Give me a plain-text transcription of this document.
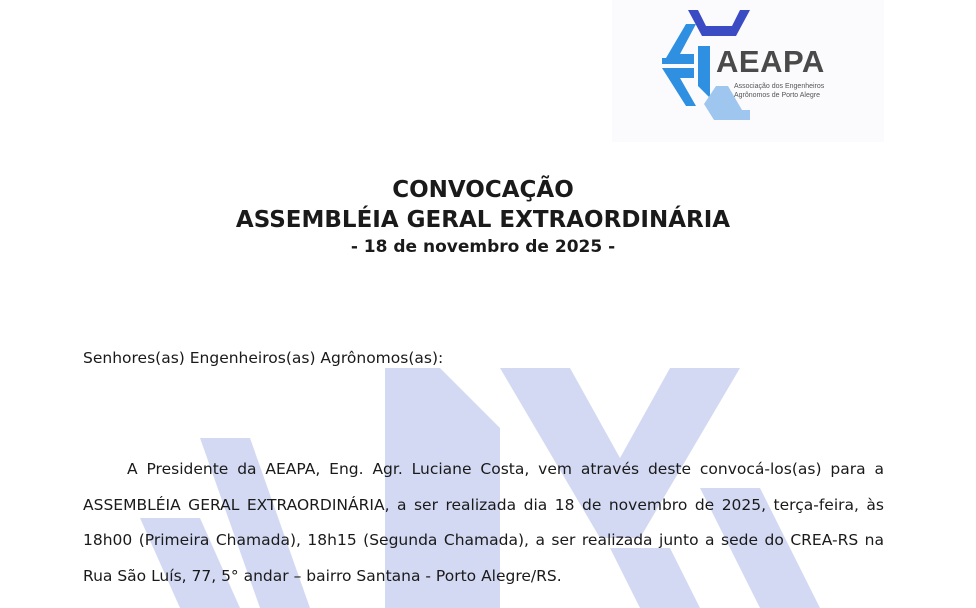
AEAPA
Associação dos Engenheiros
Agrônomos de Porto Alegre
CONVOCAÇÃO
ASSEMBLÉIA GERAL EXTRAORDINÁRIA
- 18 de novembro de 2025 -
Senhores(as) Engenheiros(as) Agrônomos(as):
A Presidente da AEAPA, Eng. Agr. Luciane Costa, vem através deste convocá-los(as) para a
ASSEMBLÉIA GERAL EXTRAORDINÁRIA, a ser realizada dia 18 de novembro de 2025, terça-feira, às
18h00 (Primeira Chamada), 18h15 (Segunda Chamada), a ser realizada junto a sede do CREA-RS na
Rua São Luís, 77, 5° andar – bairro Santana - Porto Alegre/RS.
